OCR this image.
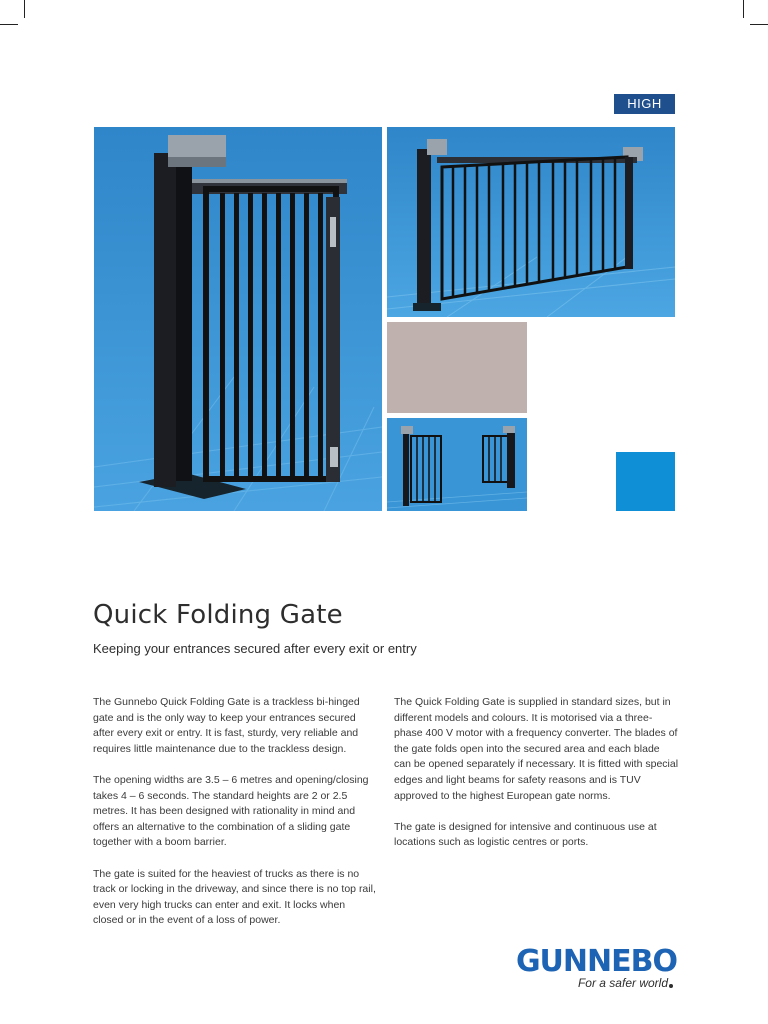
HIGH
Quick Folding Gate

Keeping your entrances secured after every exit or entry

The Gunnebo Quick Folding Gate is a trackless bi-hinged gate and is the only way to keep your entrances secured after every exit or entry. It is fast, sturdy, very reliable and requires little maintenance due to the trackless design.

The opening widths are 3.5 – 6 metres and opening/closing takes 4 – 6 seconds. The standard heights are 2 or 2.5 metres. It has been designed with rationality in mind and offers an alternative to the combination of a sliding gate together with a boom barrier.

The gate is suited for the heaviest of trucks as there is no track or locking in the driveway, and since there is no top rail, even very high trucks can enter and exit. It locks when closed or in the event of a loss of power.

The Quick Folding Gate is supplied in standard sizes, but in different models and colours. It is motorised via a three-phase 400 V motor with a frequency converter. The blades of the gate folds open into the secured area and each blade can be opened separately if necessary. It is fitted with special edges and light beams for safety reasons and is TUV approved to the highest European gate norms.

The gate is designed for intensive and continuous use at locations such as logistic centres or ports.

GUNNEBO
For a safer world
